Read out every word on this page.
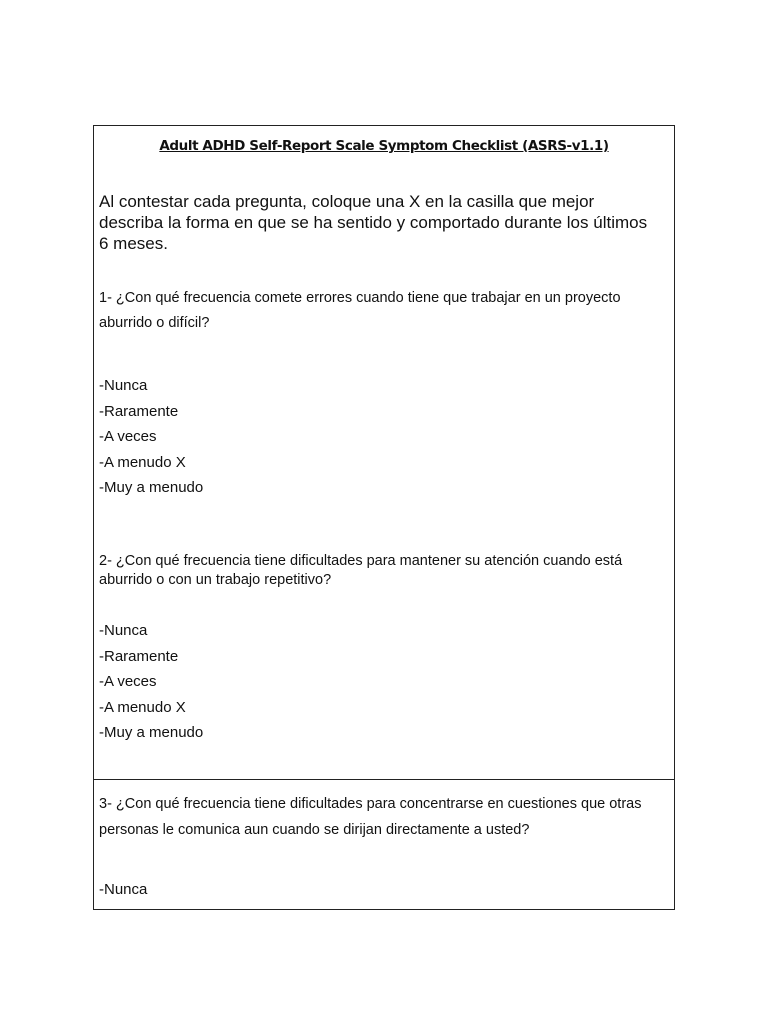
Adult ADHD Self-Report Scale Symptom Checklist (ASRS-v1.1)
Al contestar cada pregunta, coloque una X en la casilla que mejor describa la forma en que se ha sentido y comportado durante los últimos 6 meses.
1- ¿Con qué frecuencia comete errores cuando tiene que trabajar en un proyecto aburrido o difícil?
-Nunca
-Raramente
-A veces
-A menudo X
-Muy a menudo
2- ¿Con qué frecuencia tiene dificultades para mantener su atención cuando está aburrido o con un trabajo repetitivo?
-Nunca
-Raramente
-A veces
-A menudo X
-Muy a menudo
3- ¿Con qué frecuencia tiene dificultades para concentrarse en cuestiones que otras personas le comunica aun cuando se dirijan directamente a usted?
-Nunca
